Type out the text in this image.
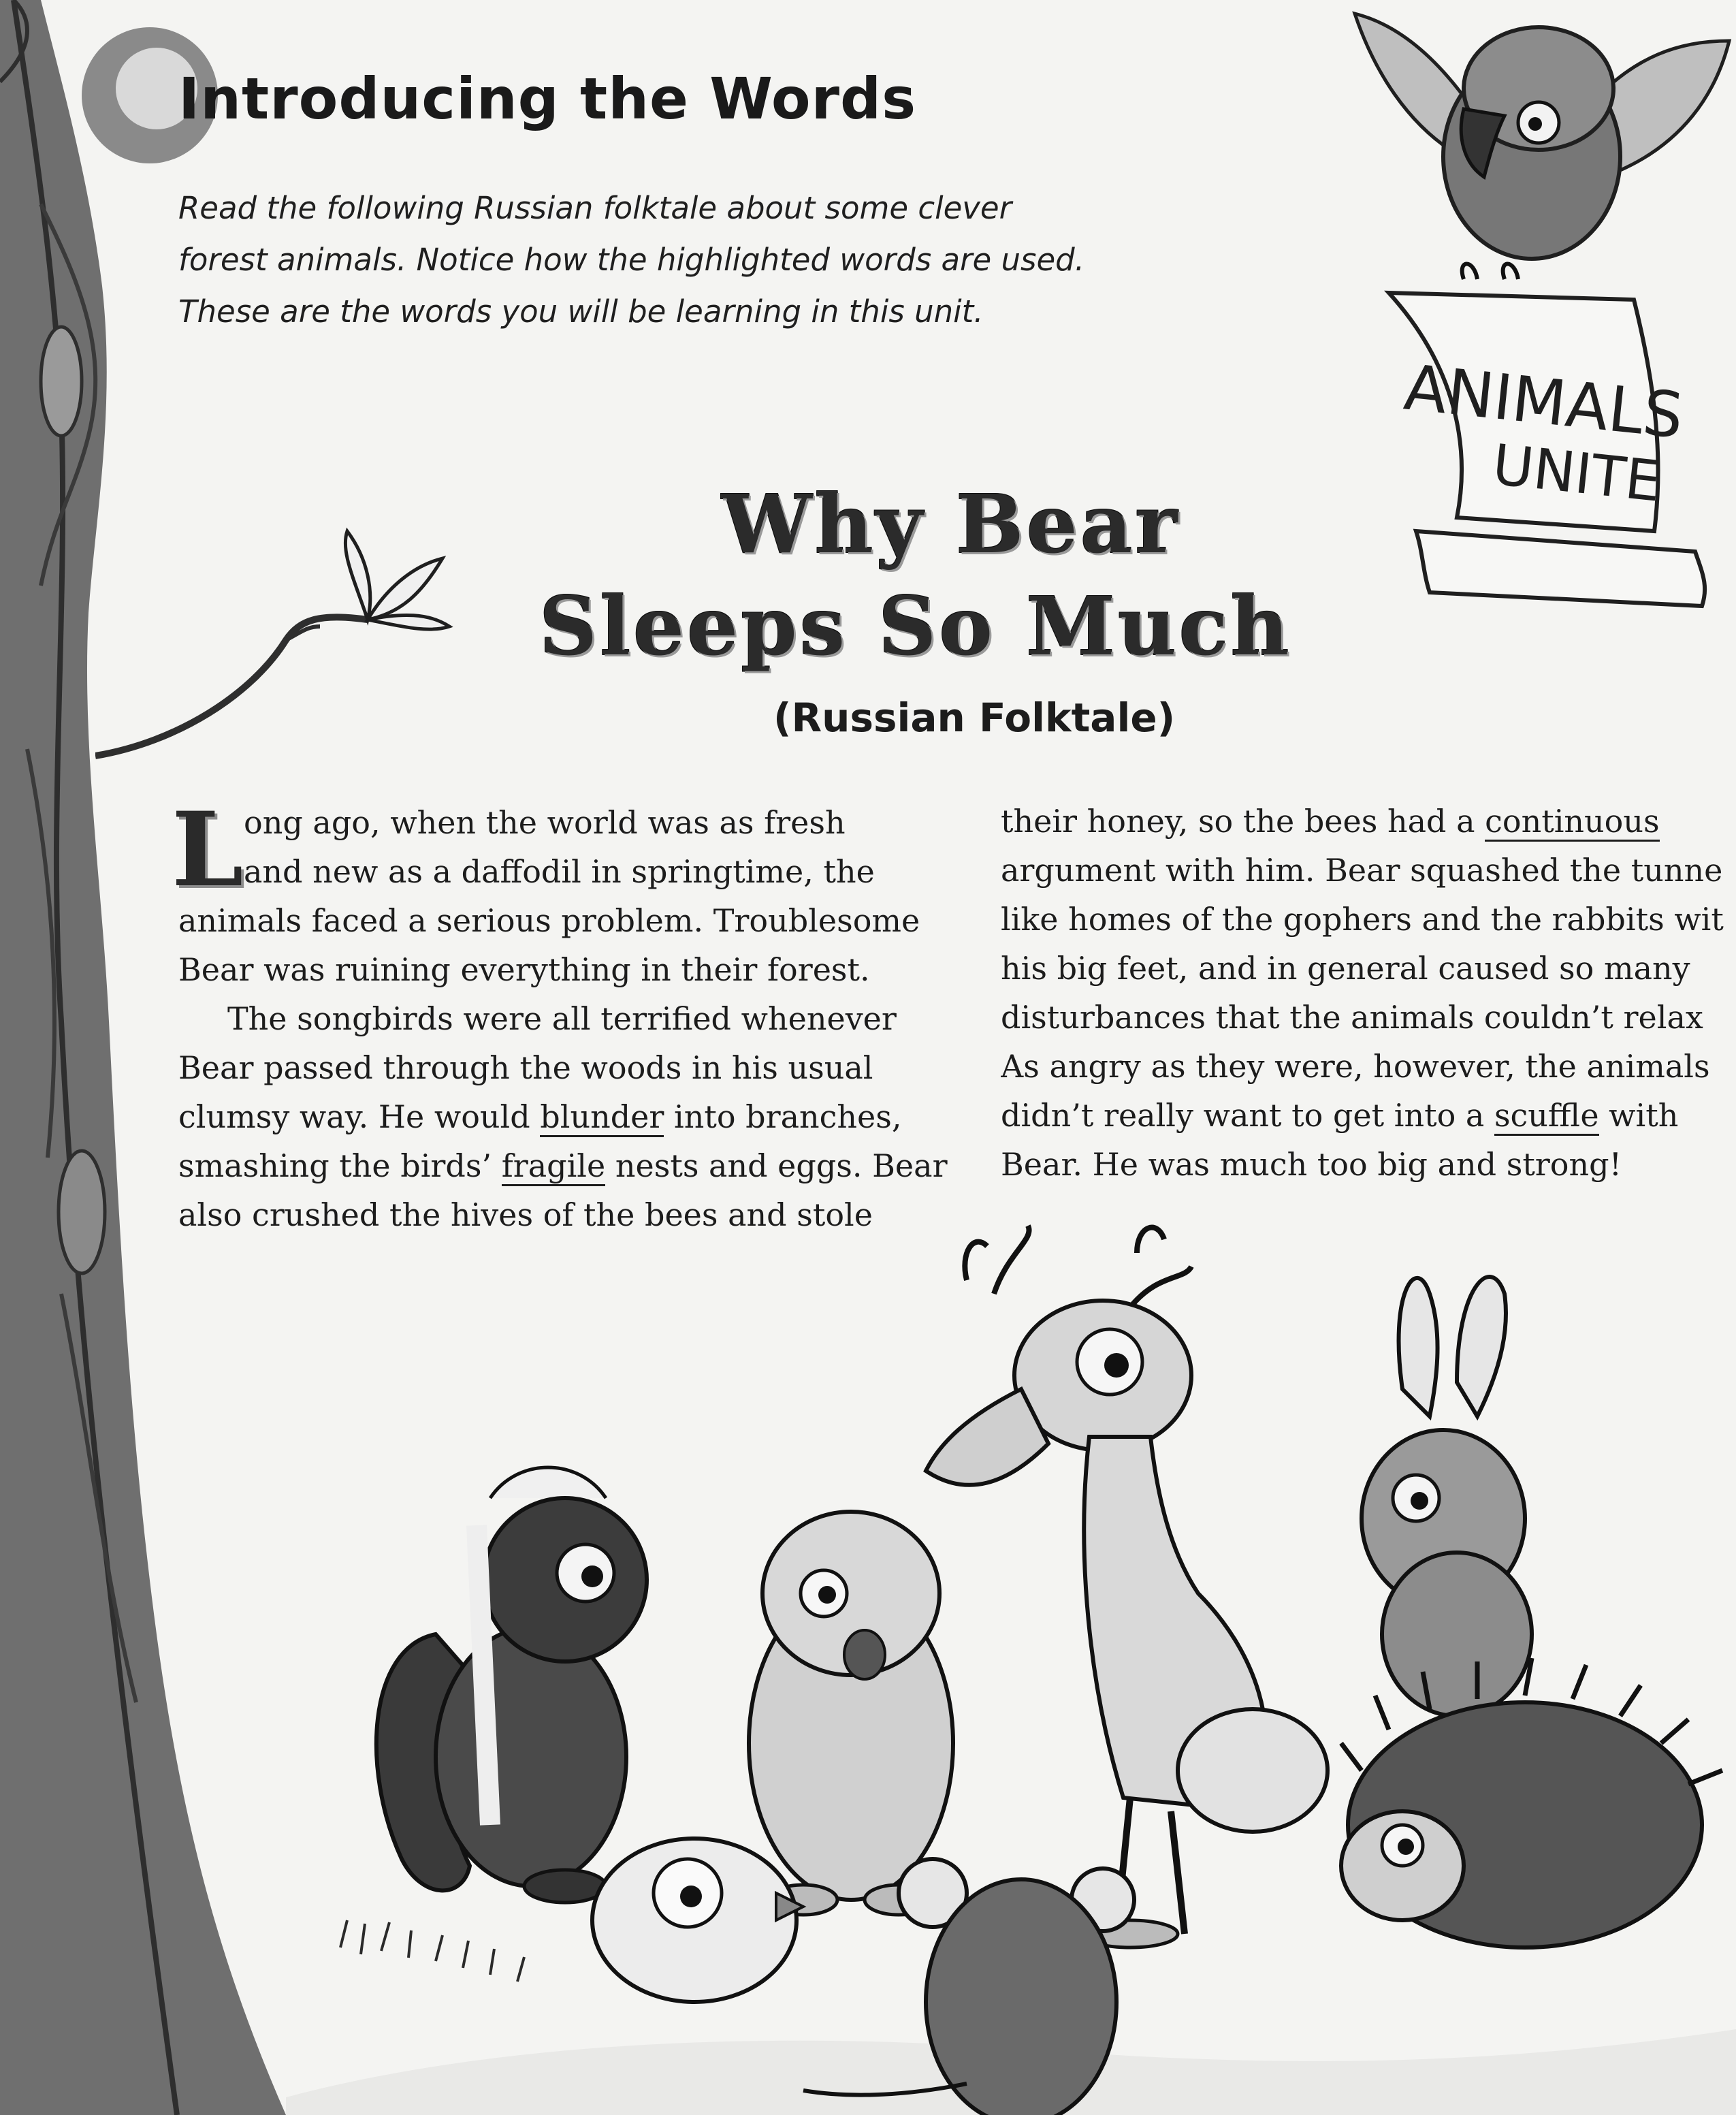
Introducing the Words
Read the following Russian folktale about some clever
forest animals. Notice how the highlighted words are used.
These are the words you will be learning in this unit.
ANIMALS
UNITE
Why Bear
Sleeps So Much

(Russian Folktale)

L ong ago, when the world was as fresh
and new as a daffodil in springtime, the
animals faced a serious problem. Troublesome
Bear was ruining everything in their forest.
The songbirds were all terrified whenever
Bear passed through the woods in his usual
clumsy way. He would blunder into branches,
smashing the birds’ fragile nests and eggs. Bear
also crushed the hives of the bees and stole
their honey, so the bees had a continuous
argument with him. Bear squashed the tunne
like homes of the gophers and the rabbits wit
his big feet, and in general caused so many
disturbances that the animals couldn’t relax
As angry as they were, however, the animals
didn’t really want to get into a scuffle with
Bear. He was much too big and strong!
